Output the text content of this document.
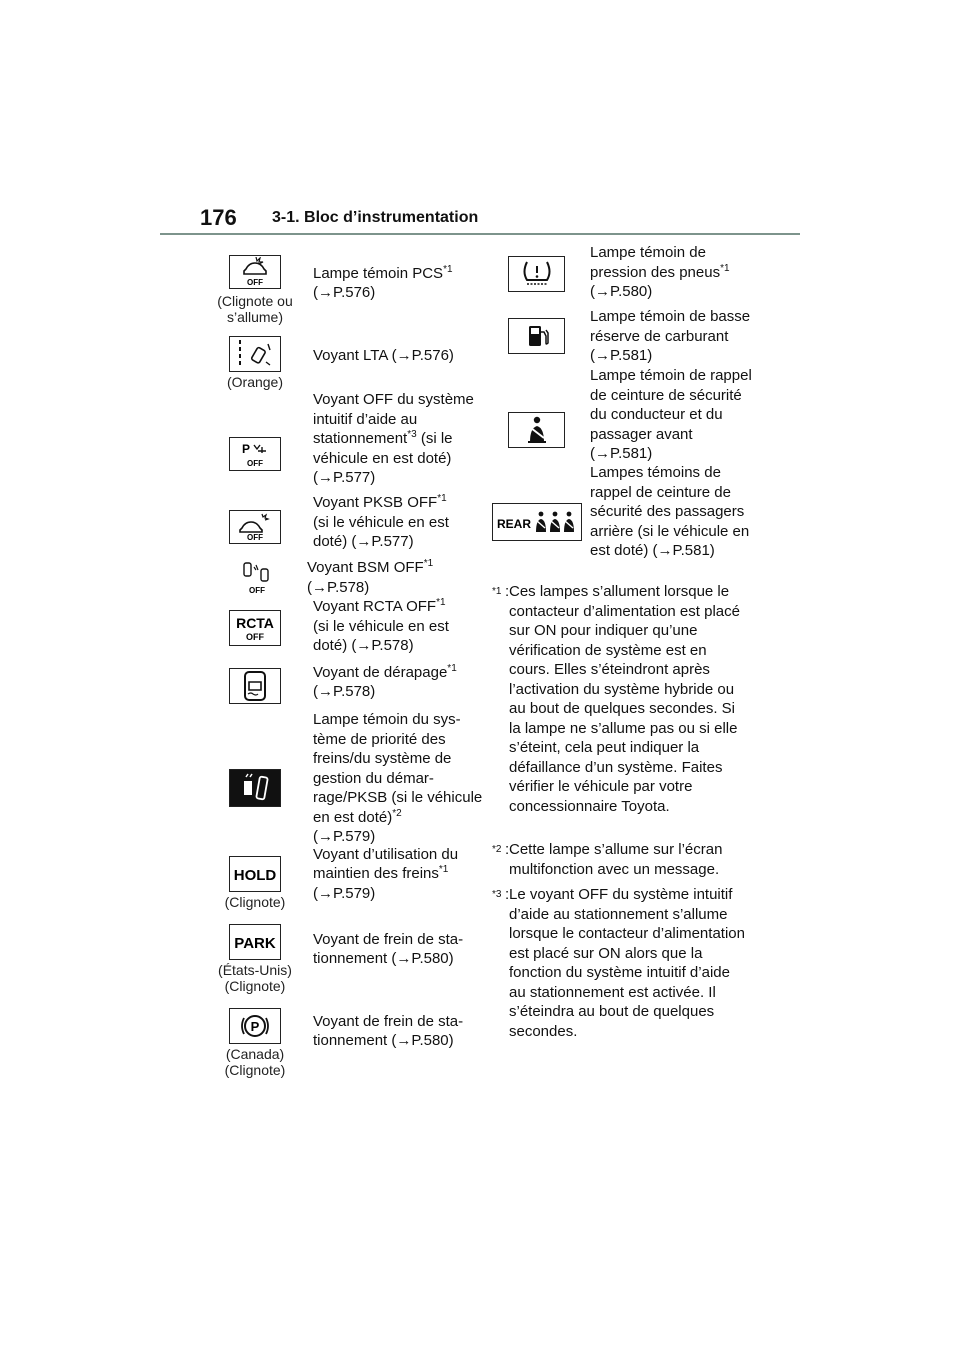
176 3-1. Bloc d’instrumentation
OFF
(Clignote ou s’allume)
Lampe témoin PCS$^{*1}$
(→P.576)
(Orange)
Voyant LTA (→P.576)
P
OFF
Voyant OFF du système intuitif d’aide au stationnement$^{*3}$ (si le véhicule en est doté) (→P.577)
OFF
Voyant PKSB OFF$^{*1}$
(si le véhicule en est doté) (→P.577)
OFF
Voyant BSM OFF$^{*1}$
(→P.578)
RCTA
OFF
Voyant RCTA OFF$^{*1}$
(si le véhicule en est doté) (→P.578)
Voyant de dérapage$^{*1}$ (→P.578)
Lampe témoin du système de priorité des freins/du système de gestion du démarrage/PKSB (si le véhicule en est doté)$^{*2}$
(→P.579)
HOLD
(Clignote)
Voyant d’utilisation du maintien des freins$^{*1}$
(→P.579)
PARK
(États-Unis) (Clignote)
Voyant de frein de stationnement (→P.580)
P
(Canada) (Clignote)
Voyant de frein de stationnement (→P.580)
Lampe témoin de pression des pneus$^{*1}$
(→P.580)
Lampe témoin de basse réserve de carburant (→P.581)
Lampe témoin de rappel de ceinture de sécurité du conducteur et du passager avant (→P.581)
REAR
Lampes témoins de rappel de ceinture de sécurité des passagers arrière (si le véhicule en est doté) (→P.581)
*1 : Ces lampes s’allument lorsque le contacteur d’alimentation est placé sur ON pour indiquer qu’une vérification de système est en cours. Elles s’éteindront après l’activation du système hybride ou au bout de quelques secondes. Si la lampe ne s’allume pas ou si elle s’éteint, cela peut indiquer la défaillance d’un système. Faites vérifier le véhicule par votre concessionnaire Toyota.
*2 : Cette lampe s’allume sur l’écran multifonction avec un message.
*3 : Le voyant OFF du système intuitif d’aide au stationnement s’allume lorsque le contacteur d’alimentation est placé sur ON alors que la fonction du système intuitif d’aide au stationnement est activée. Il s’éteindra au bout de quelques secondes.
